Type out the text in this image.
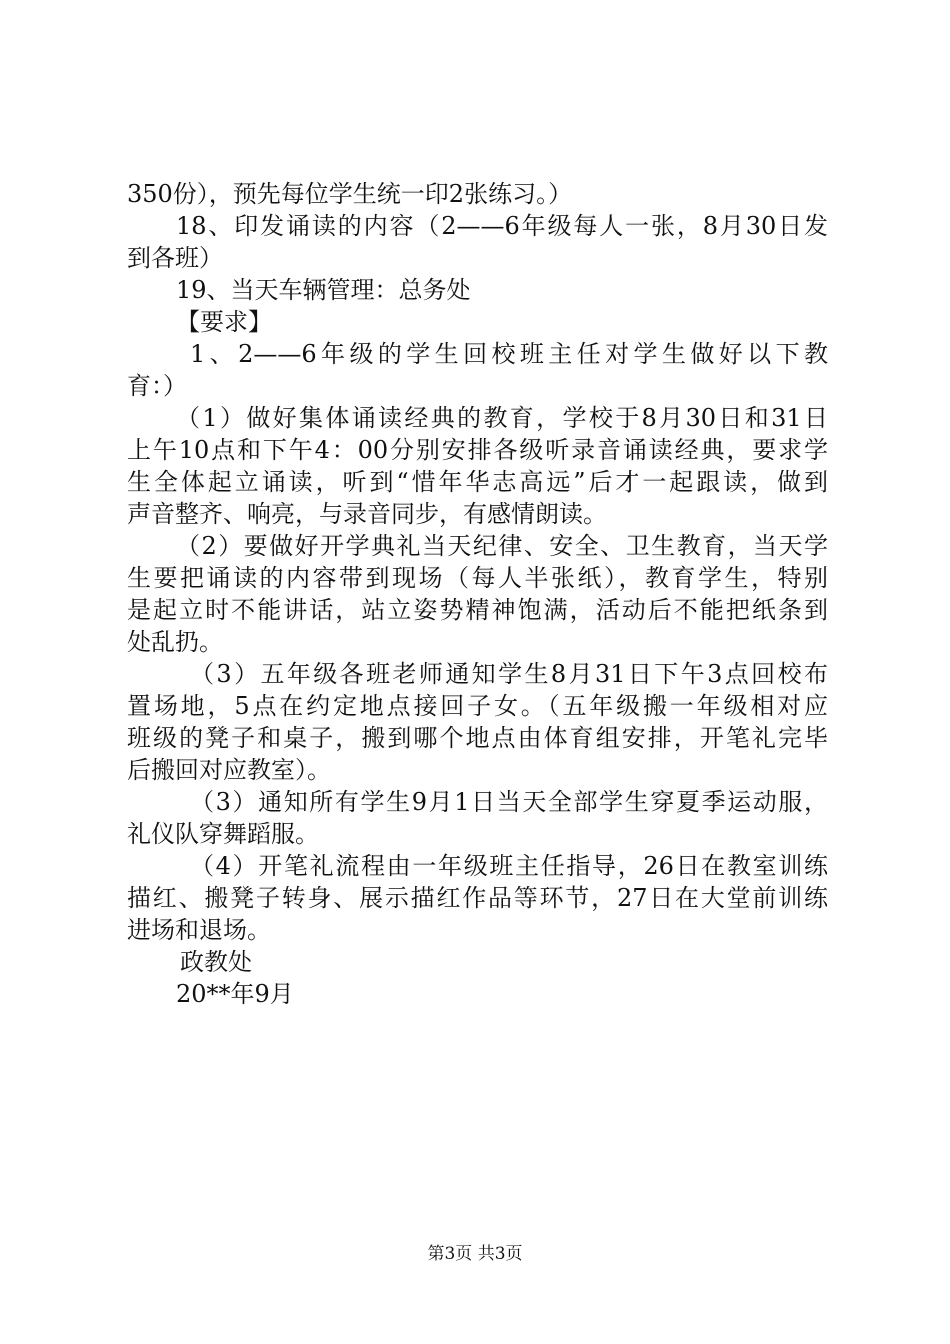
350份），预先每位学生统一印2张练习。）
18、印发诵读的内容（2——6年级每人一张，8月30日发
到各班）
19、当天车辆管理：总务处
【要求】
1、2——6年级的学生回校班主任对学生做好以下教
育：）
（1）做好集体诵读经典的教育，学校于8月30日和31日
上午10点和下午4：00分别安排各级听录音诵读经典，要求学
生全体起立诵读，听到“惜年华志高远”后才一起跟读，做到
声音整齐、响亮，与录音同步，有感情朗读。
（2）要做好开学典礼当天纪律、安全、卫生教育，当天学
生要把诵读的内容带到现场（每人半张纸），教育学生，特别
是起立时不能讲话，站立姿势精神饱满，活动后不能把纸条到
处乱扔。
（3）五年级各班老师通知学生8月31日下午3点回校布
置场地，5点在约定地点接回子女。（五年级搬一年级相对应
班级的凳子和桌子，搬到哪个地点由体育组安排，开笔礼完毕
后搬回对应教室）。
（3）通知所有学生9月1日当天全部学生穿夏季运动服，
礼仪队穿舞蹈服。
（4）开笔礼流程由一年级班主任指导，26日在教室训练
描红、搬凳子转身、展示描红作品等环节，27日在大堂前训练
进场和退场。
政教处
20**年9月
第3页 共3页
